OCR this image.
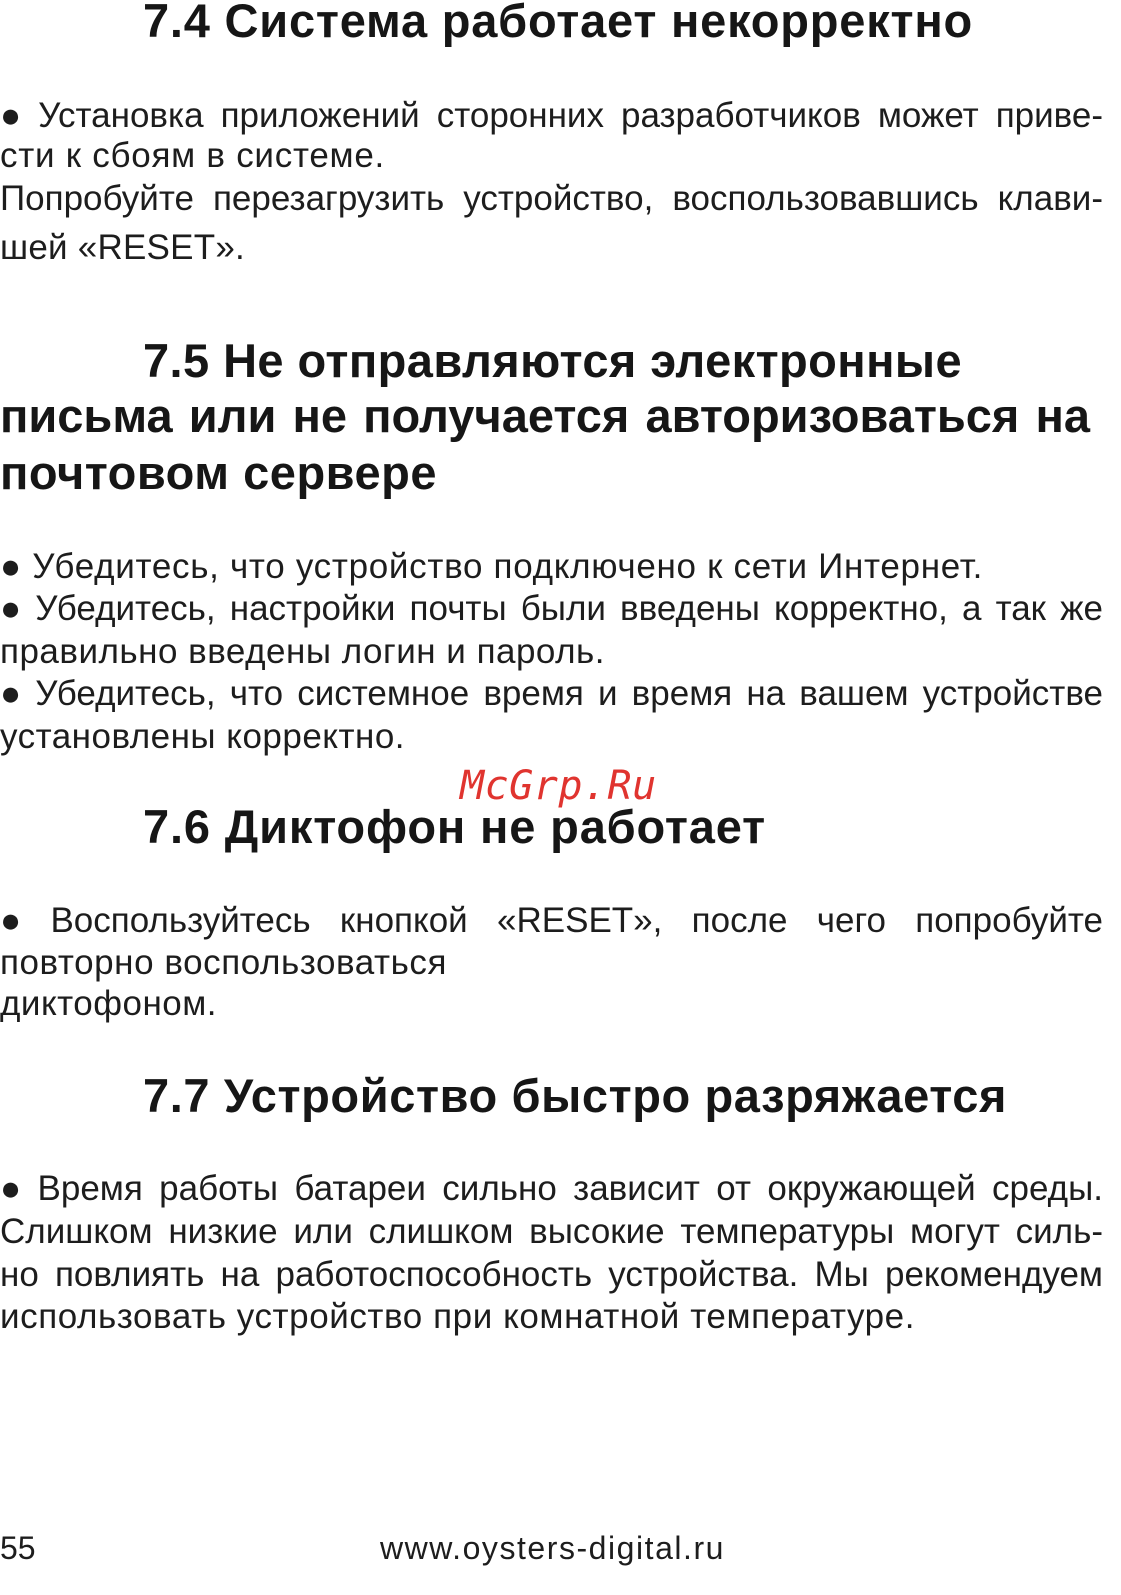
7.4 Система работает некорректно
● Установка приложений сторонних разработчиков может приве-
сти к сбоям в системе.
Попробуйте перезагрузить устройство, воспользовавшись клави-
шей «RESET».
7.5 Не отправляются электронные
письма или не получается авторизоваться на
почтовом сервере
● Убедитесь, что устройство подключено к сети Интернет.
● Убедитесь, настройки почты были введены корректно, а так же
правильно введены логин и пароль.
● Убедитесь, что системное время и время на вашем устройстве
установлены корректно.
McGrp.Ru
7.6 Диктофон не работает
● Воспользуйтесь кнопкой «RESET», после чего попробуйте
повторно воспользоваться
диктофоном.
7.7 Устройство быстро разряжается
● Время работы батареи сильно зависит от окружающей среды.
Слишком низкие или слишком высокие температуры могут силь-
но повлиять на работоспособность устройства. Мы рекомендуем
использовать устройство при комнатной температуре.
55	www.oysters-digital.ru
